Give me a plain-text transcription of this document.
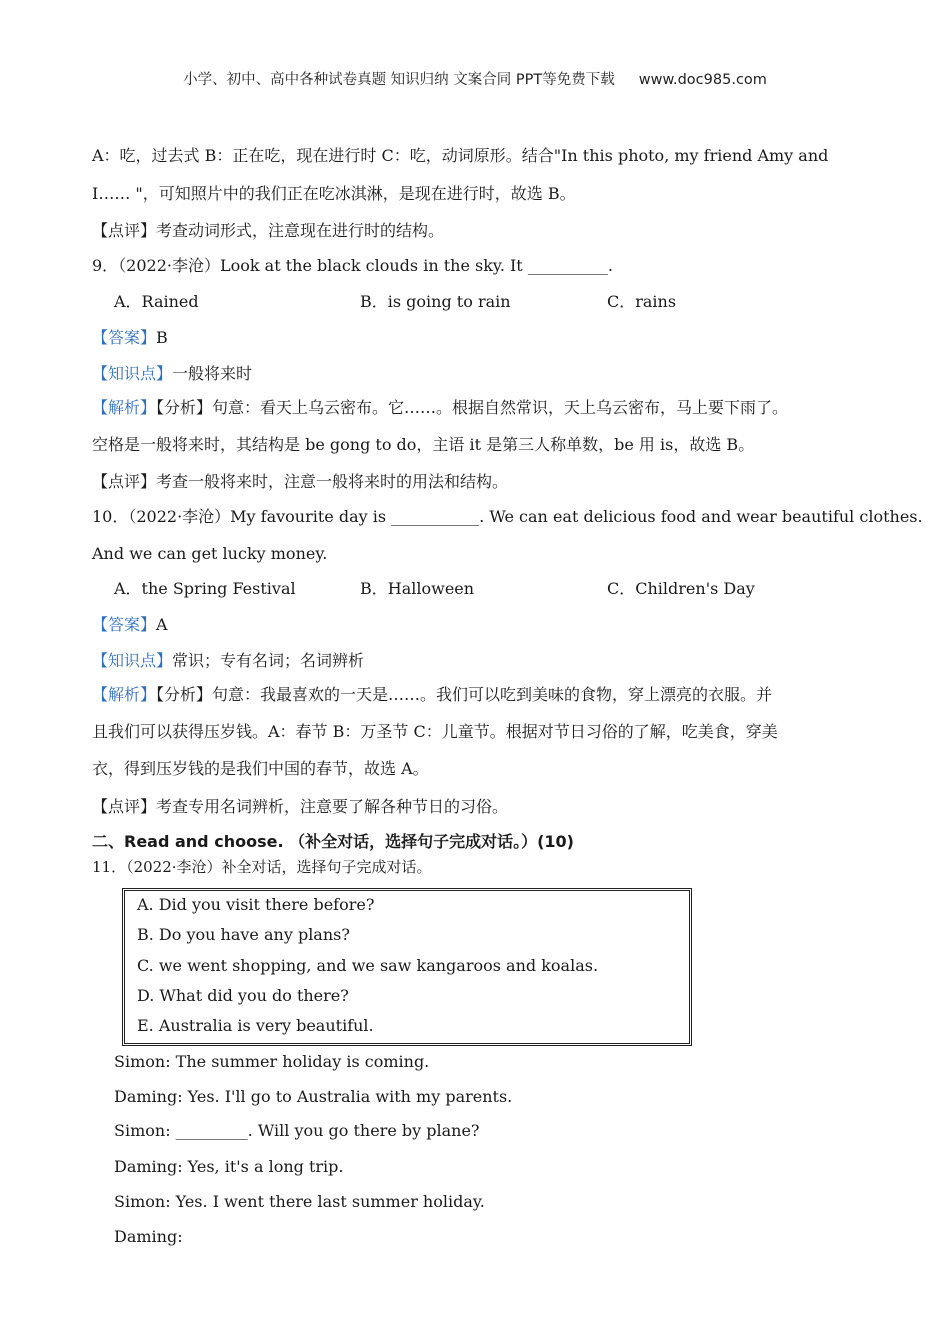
小学、初中、高中各种试卷真题 知识归纳 文案合同 PPT等免费下载 www.doc985.com
A：吃，过去式 B：正在吃，现在进行时 C：吃，动词原形。结合"In this photo, my friend Amy and
I…… "，可知照片中的我们正在吃冰淇淋，是现在进行时，故选 B。
【点评】考查动词形式，注意现在进行时的结构。
9．（2022·李沧）Look at the black clouds in the sky. It __________.
A．Rained	B．is going to rain	C．rains
【答案】B
【知识点】一般将来时
【解析】【分析】句意：看天上乌云密布。它……。根据自然常识，天上乌云密布，马上要下雨了。
空格是一般将来时，其结构是 be gong to do，主语 it 是第三人称单数，be 用 is，故选 B。
【点评】考查一般将来时，注意一般将来时的用法和结构。
10．（2022·李沧）My favourite day is ___________. We can eat delicious food and wear beautiful clothes.
And we can get lucky money.
A．the Spring Festival	B．Halloween	C．Children's Day
【答案】A
【知识点】常识；专有名词；名词辨析
【解析】【分析】句意：我最喜欢的一天是……。我们可以吃到美味的食物，穿上漂亮的衣服。并
且我们可以获得压岁钱。A：春节 B：万圣节 C：儿童节。根据对节日习俗的了解，吃美食，穿美
衣，得到压岁钱的是我们中国的春节，故选 A。
【点评】考查专用名词辨析，注意要了解各种节日的习俗。
二、Read and choose. （补全对话，选择句子完成对话。）(10)
11．（2022·李沧）补全对话，选择句子完成对话。
A. Did you visit there before?
B. Do you have any plans?
C. we went shopping, and we saw kangaroos and koalas.
D. What did you do there?
E. Australia is very beautiful.
Simon: The summer holiday is coming.
Daming: Yes. I'll go to Australia with my parents.
Simon: _________. Will you go there by plane?
Daming: Yes, it's a long trip.
Simon: Yes. I went there last summer holiday.
Daming:
